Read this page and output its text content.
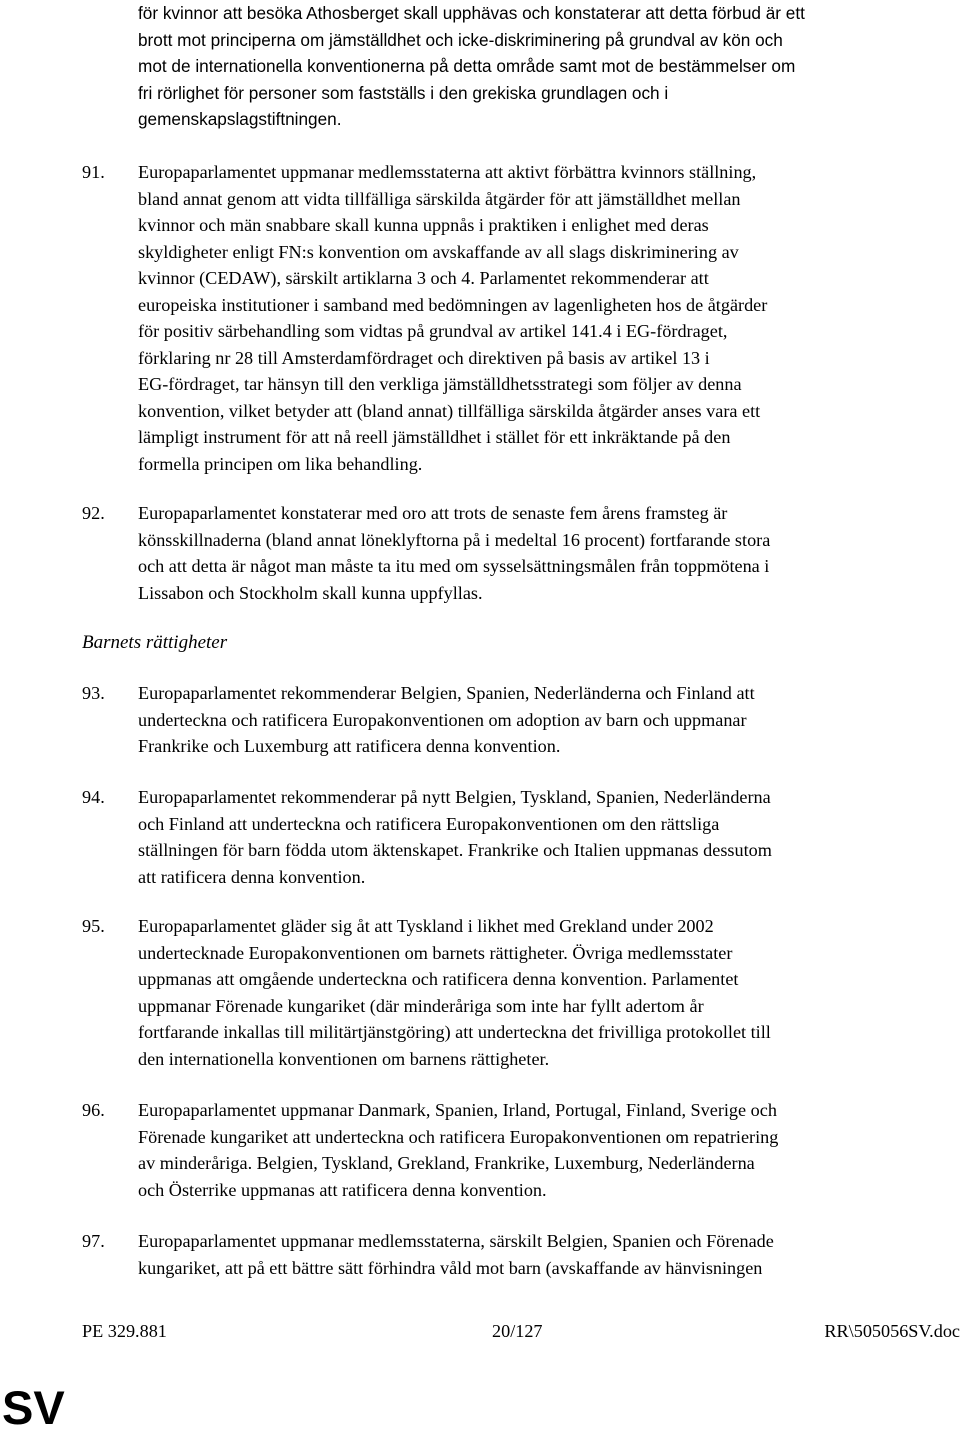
för kvinnor att besöka Athosberget skall upphävas och konstaterar att detta förbud är ett
brott mot principerna om jämställdhet och icke-diskriminering på grundval av kön och
mot de internationella konventionerna på detta område samt mot de bestämmelser om
fri rörlighet för personer som fastställs i den grekiska grundlagen och i
gemenskapslagstiftningen.
91. Europaparlamentet uppmanar medlemsstaterna att aktivt förbättra kvinnors ställning,
bland annat genom att vidta tillfälliga särskilda åtgärder för att jämställdhet mellan
kvinnor och män snabbare skall kunna uppnås i praktiken i enlighet med deras
skyldigheter enligt FN:s konvention om avskaffande av all slags diskriminering av
kvinnor (CEDAW), särskilt artiklarna 3 och 4. Parlamentet rekommenderar att
europeiska institutioner i samband med bedömningen av lagenligheten hos de åtgärder
för positiv särbehandling som vidtas på grundval av artikel 141.4 i EG-fördraget,
förklaring nr 28 till Amsterdamfördraget och direktiven på basis av artikel 13 i
EG-fördraget, tar hänsyn till den verkliga jämställdhetsstrategi som följer av denna
konvention, vilket betyder att (bland annat) tillfälliga särskilda åtgärder anses vara ett
lämpligt instrument för att nå reell jämställdhet i stället för ett inkräktande på den
formella principen om lika behandling.
92. Europaparlamentet konstaterar med oro att trots de senaste fem årens framsteg är
könsskillnaderna (bland annat löneklyftorna på i medeltal 16 procent) fortfarande stora
och att detta är något man måste ta itu med om sysselsättningsmålen från toppmötena i
Lissabon och Stockholm skall kunna uppfyllas.
Barnets rättigheter
93. Europaparlamentet rekommenderar Belgien, Spanien, Nederländerna och Finland att
underteckna och ratificera Europakonventionen om adoption av barn och uppmanar
Frankrike och Luxemburg att ratificera denna konvention.
94. Europaparlamentet rekommenderar på nytt Belgien, Tyskland, Spanien, Nederländerna
och Finland att underteckna och ratificera Europakonventionen om den rättsliga
ställningen för barn födda utom äktenskapet. Frankrike och Italien uppmanas dessutom
att ratificera denna konvention.
95. Europaparlamentet gläder sig åt att Tyskland i likhet med Grekland under 2002
undertecknade Europakonventionen om barnets rättigheter. Övriga medlemsstater
uppmanas att omgående underteckna och ratificera denna konvention. Parlamentet
uppmanar Förenade kungariket (där minderåriga som inte har fyllt adertom år
fortfarande inkallas till militärtjänstgöring) att underteckna det frivilliga protokollet till
den internationella konventionen om barnens rättigheter.
96. Europaparlamentet uppmanar Danmark, Spanien, Irland, Portugal, Finland, Sverige och
Förenade kungariket att underteckna och ratificera Europakonventionen om repatriering
av minderåriga. Belgien, Tyskland, Grekland, Frankrike, Luxemburg, Nederländerna
och Österrike uppmanas att ratificera denna konvention.
97. Europaparlamentet uppmanar medlemsstaterna, särskilt Belgien, Spanien och Förenade
kungariket, att på ett bättre sätt förhindra våld mot barn (avskaffande av hänvisningen
PE 329.881	20/127	RR\505056SV.doc
SV
